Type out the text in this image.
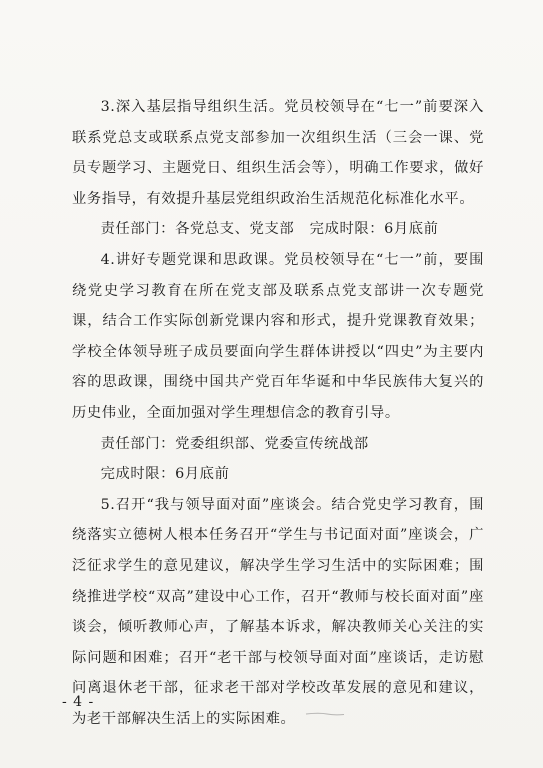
3.深入基层指导组织生活。党员校领导在“七一”前要深入联系党总支或联系点党支部参加一次组织生活（三会一课、党员专题学习、主题党日、组织生活会等），明确工作要求，做好业务指导，有效提升基层党组织政治生活规范化标准化水平。

责任部门：各党总支、党支部   完成时限：6月底前

4.讲好专题党课和思政课。党员校领导在“七一”前，要围绕党史学习教育在所在党支部及联系点党支部讲一次专题党课，结合工作实际创新党课内容和形式，提升党课教育效果；学校全体领导班子成员要面向学生群体讲授以“四史”为主要内容的思政课，围绕中国共产党百年华诞和中华民族伟大复兴的历史伟业，全面加强对学生理想信念的教育引导。

责任部门：党委组织部、党委宣传统战部

完成时限：6月底前

5.召开“我与领导面对面”座谈会。结合党史学习教育，围绕落实立德树人根本任务召开“学生与书记面对面”座谈会，广泛征求学生的意见建议，解决学生学习生活中的实际困难；围绕推进学校“双高”建设中心工作，召开“教师与校长面对面”座谈会，倾听教师心声，了解基本诉求，解决教师关心关注的实际问题和困难；召开“老干部与校领导面对面”座谈话，走访慰问离退休老干部，征求老干部对学校改革发展的意见和建议，为老干部解决生活上的实际困难。

- 4 -
